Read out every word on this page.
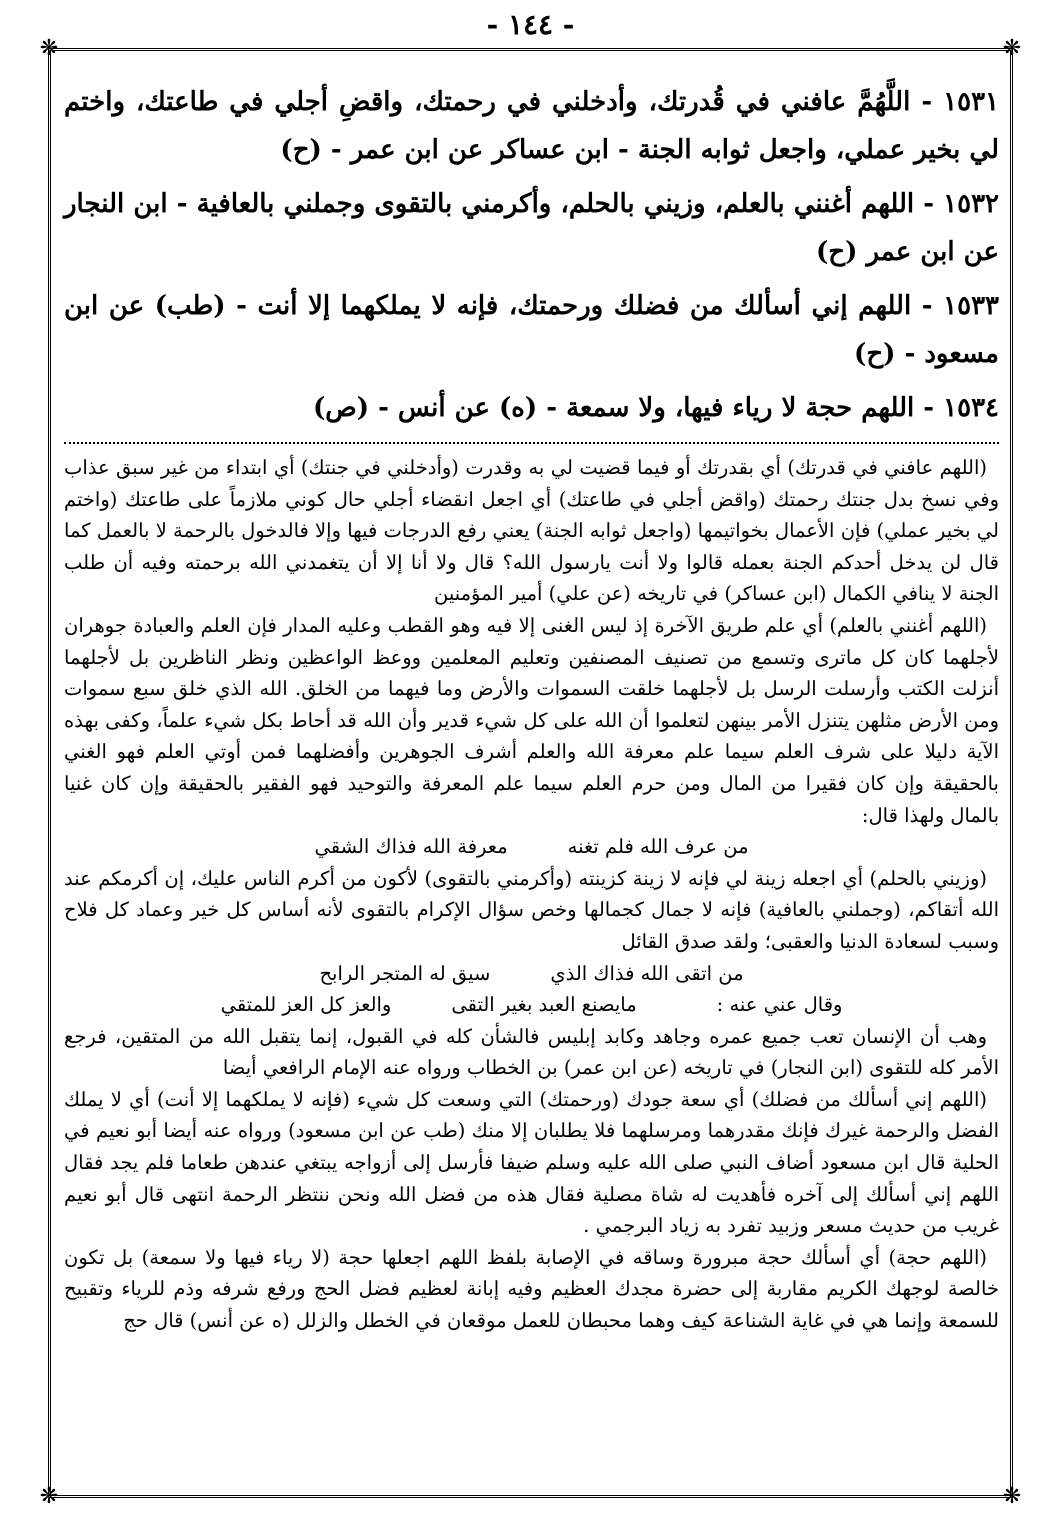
- ١٤٤ -
❋	❋
❋	❋

١٥٣١ - اللَّهُمَّ عافني في قُدرتك، وأدخلني في رحمتك، واقضِ أجلي في طاعتك، واختم لي بخير عملي، واجعل ثوابه الجنة - ابن عساكر عن ابن عمر - (ح)

١٥٣٢ - اللهم أغنني بالعلم، وزيني بالحلم، وأكرمني بالتقوى وجملني بالعافية - ابن النجار عن ابن عمر (ح)

١٥٣٣ - اللهم إني أسألك من فضلك ورحمتك، فإنه لا يملكهما إلا أنت - (طب) عن ابن مسعود - (ح)

١٥٣٤ - اللهم حجة لا رياء فيها، ولا سمعة - (ه) عن أنس - (ص)

(اللهم عافني في قدرتك) أي بقدرتك أو فيما قضيت لي به وقدرت (وأدخلني في جنتك) أي ابتداء من غير سبق عذاب وفي نسخ بدل جنتك رحمتك (واقض أجلي في طاعتك) أي اجعل انقضاء أجلي حال كوني ملازماً على طاعتك (واختم لي بخير عملي) فإن الأعمال بخواتيمها (واجعل ثوابه الجنة) يعني رفع الدرجات فيها وإلا فالدخول بالرحمة لا بالعمل كما قال لن يدخل أحدكم الجنة بعمله قالوا ولا أنت يارسول الله؟ قال ولا أنا إلا أن يتغمدني الله برحمته وفيه أن طلب الجنة لا ينافي الكمال (ابن عساكر) في تاريخه (عن علي) أمير المؤمنين

(اللهم أغنني بالعلم) أي علم طريق الآخرة إذ ليس الغنى إلا فيه وهو القطب وعليه المدار فإن العلم والعبادة جوهران لأجلهما كان كل ماترى وتسمع من تصنيف المصنفين وتعليم المعلمين ووعظ الواعظين ونظر الناظرين بل لأجلهما أنزلت الكتب وأرسلت الرسل بل لأجلهما خلقت السموات والأرض وما فيهما من الخلق. الله الذي خلق سبع سموات ومن الأرض مثلهن يتنزل الأمر بينهن لتعلموا أن الله على كل شيء قدير وأن الله قد أحاط بكل شيء علماً، وكفى بهذه الآية دليلا على شرف العلم سيما علم معرفة الله والعلم أشرف الجوهرين وأفضلهما فمن أوتي العلم فهو الغني بالحقيقة وإن كان فقيرا من المال ومن حرم العلم سيما علم المعرفة والتوحيد فهو الفقير بالحقيقة وإن كان غنيا بالمال ولهذا قال:

من عرف الله فلم تغنه
معرفة الله فذاك الشقي

(وزيني بالحلم) أي اجعله زينة لي فإنه لا زينة كزينته (وأكرمني بالتقوى) لأكون من أكرم الناس عليك، إن أكرمكم عند الله أتقاكم، (وجملني بالعافية) فإنه لا جمال كجمالها وخص سؤال الإكرام بالتقوى لأنه أساس كل خير وعماد كل فلاح وسبب لسعادة الدنيا والعقبى؛ ولقد صدق القائل

من اتقى الله فذاك الذي
سيق له المتجر الرابح
وقال عني عنه :
مايصنع العبد بغير التقى
والعز كل العز للمتقي

وهب أن الإنسان تعب جميع عمره وجاهد وكابد إبليس فالشأن كله في القبول، إنما يتقبل الله من المتقين، فرجع الأمر كله للتقوى (ابن النجار) في تاريخه (عن ابن عمر) بن الخطاب ورواه عنه الإمام الرافعي أيضا

(اللهم إني أسألك من فضلك) أي سعة جودك (ورحمتك) التي وسعت كل شيء (فإنه لا يملكهما إلا أنت) أي لا يملك الفضل والرحمة غيرك فإنك مقدرهما ومرسلهما فلا يطلبان إلا منك (طب عن ابن مسعود) ورواه عنه أيضا أبو نعيم في الحلية قال ابن مسعود أضاف النبي صلى الله عليه وسلم ضيفا فأرسل إلى أزواجه يبتغي عندهن طعاما فلم يجد فقال اللهم إني أسألك إلى آخره فأهديت له شاة مصلية فقال هذه من فضل الله ونحن ننتظر الرحمة انتهى قال أبو نعيم غريب من حديث مسعر وزبيد تفرد به زياد البرجمي .

(اللهم حجة) أي أسألك حجة مبرورة وساقه في الإصابة بلفظ اللهم اجعلها حجة (لا رياء فيها ولا سمعة) بل تكون خالصة لوجهك الكريم مقاربة إلى حضرة مجدك العظيم وفيه إبانة لعظيم فضل الحج ورفع شرفه وذم للرياء وتقبيح للسمعة وإنما هي في غاية الشناعة كيف وهما محبطان للعمل موقعان في الخطل والزلل (ه عن أنس) قال حج
